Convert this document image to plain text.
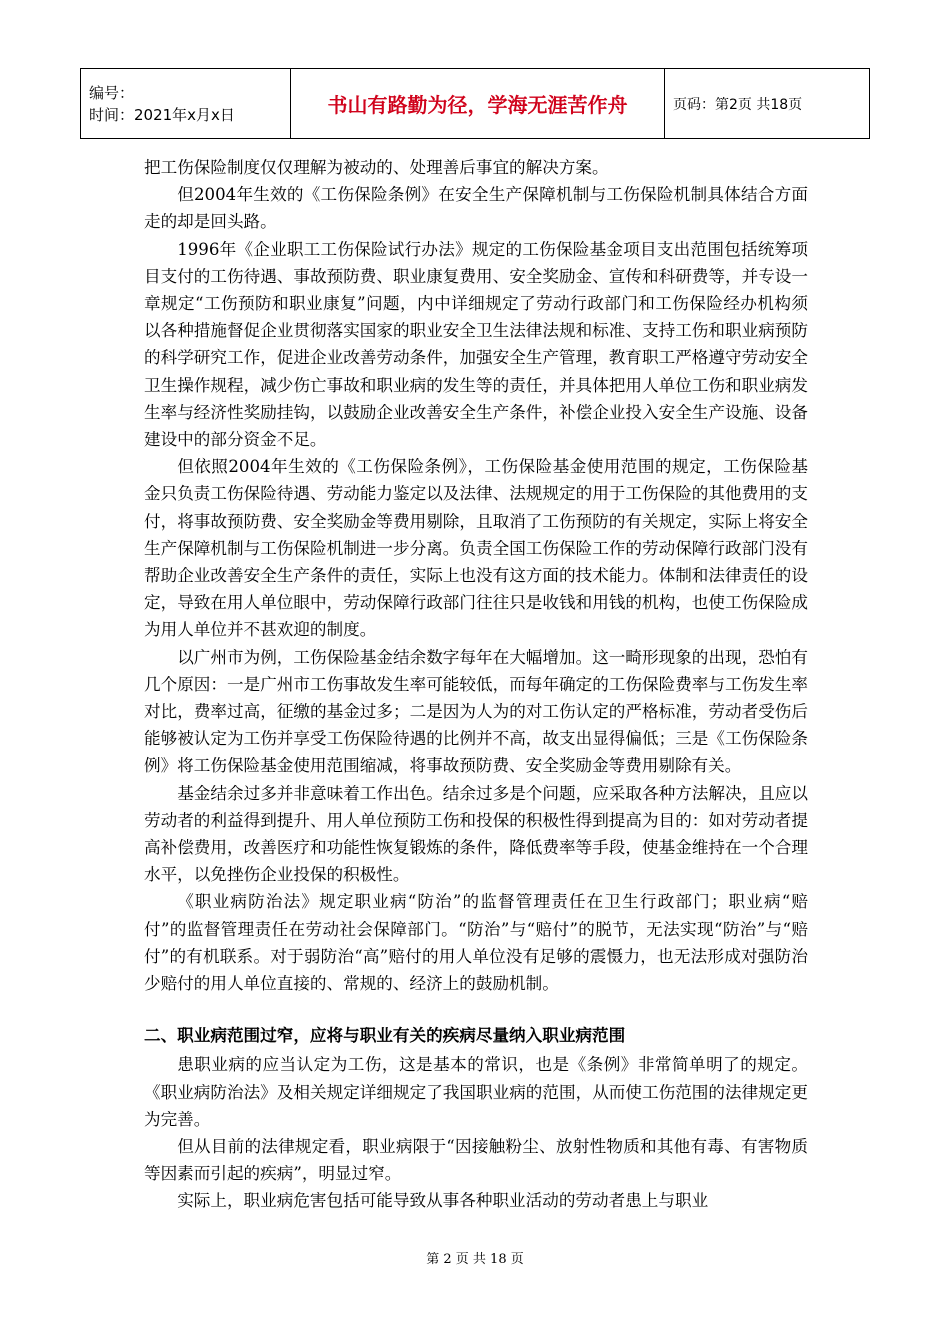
编号：
时间：2021年x月x日	书山有路勤为径，学海无涯苦作舟	页码：第2页 共18页

把工伤保险制度仅仅理解为被动的、处理善后事宜的解决方案。

但2004年生效的《工伤保险条例》在安全生产保障机制与工伤保险机制具体结合方面走的却是回头路。

1996年《企业职工工伤保险试行办法》规定的工伤保险基金项目支出范围包括统筹项目支付的工伤待遇、事故预防费、职业康复费用、安全奖励金、宣传和科研费等，并专设一章规定“工伤预防和职业康复”问题，内中详细规定了劳动行政部门和工伤保险经办机构须以各种措施督促企业贯彻落实国家的职业安全卫生法律法规和标准、支持工伤和职业病预防的科学研究工作，促进企业改善劳动条件，加强安全生产管理，教育职工严格遵守劳动安全卫生操作规程，减少伤亡事故和职业病的发生等的责任，并具体把用人单位工伤和职业病发生率与经济性奖励挂钩，以鼓励企业改善安全生产条件，补偿企业投入安全生产设施、设备建设中的部分资金不足。

但依照2004年生效的《工伤保险条例》，工伤保险基金使用范围的规定，工伤保险基金只负责工伤保险待遇、劳动能力鉴定以及法律、法规规定的用于工伤保险的其他费用的支付，将事故预防费、安全奖励金等费用剔除，且取消了工伤预防的有关规定，实际上将安全生产保障机制与工伤保险机制进一步分离。负责全国工伤保险工作的劳动保障行政部门没有帮助企业改善安全生产条件的责任，实际上也没有这方面的技术能力。体制和法律责任的设定，导致在用人单位眼中，劳动保障行政部门往往只是收钱和用钱的机构，也使工伤保险成为用人单位并不甚欢迎的制度。

以广州市为例，工伤保险基金结余数字每年在大幅增加。这一畸形现象的出现，恐怕有几个原因：一是广州市工伤事故发生率可能较低，而每年确定的工伤保险费率与工伤发生率对比，费率过高，征缴的基金过多；二是因为人为的对工伤认定的严格标准，劳动者受伤后能够被认定为工伤并享受工伤保险待遇的比例并不高，故支出显得偏低；三是《工伤保险条例》将工伤保险基金使用范围缩减，将事故预防费、安全奖励金等费用剔除有关。

基金结余过多并非意味着工作出色。结余过多是个问题，应采取各种方法解决，且应以劳动者的利益得到提升、用人单位预防工伤和投保的积极性得到提高为目的：如对劳动者提高补偿费用，改善医疗和功能性恢复锻炼的条件，降低费率等手段，使基金维持在一个合理水平，以免挫伤企业投保的积极性。

《职业病防治法》规定职业病“防治”的监督管理责任在卫生行政部门；职业病“赔付”的监督管理责任在劳动社会保障部门。“防治”与“赔付”的脱节，无法实现“防治”与“赔付”的有机联系。对于弱防治“高”赔付的用人单位没有足够的震慑力，也无法形成对强防治少赔付的用人单位直接的、常规的、经济上的鼓励机制。

二、职业病范围过窄，应将与职业有关的疾病尽量纳入职业病范围

患职业病的应当认定为工伤，这是基本的常识，也是《条例》非常简单明了的规定。《职业病防治法》及相关规定详细规定了我国职业病的范围，从而使工伤范围的法律规定更为完善。

但从目前的法律规定看，职业病限于“因接触粉尘、放射性物质和其他有毒、有害物质等因素而引起的疾病”，明显过窄。

实际上，职业病危害包括可能导致从事各种职业活动的劳动者患上与职业

第 2 页 共 18 页
